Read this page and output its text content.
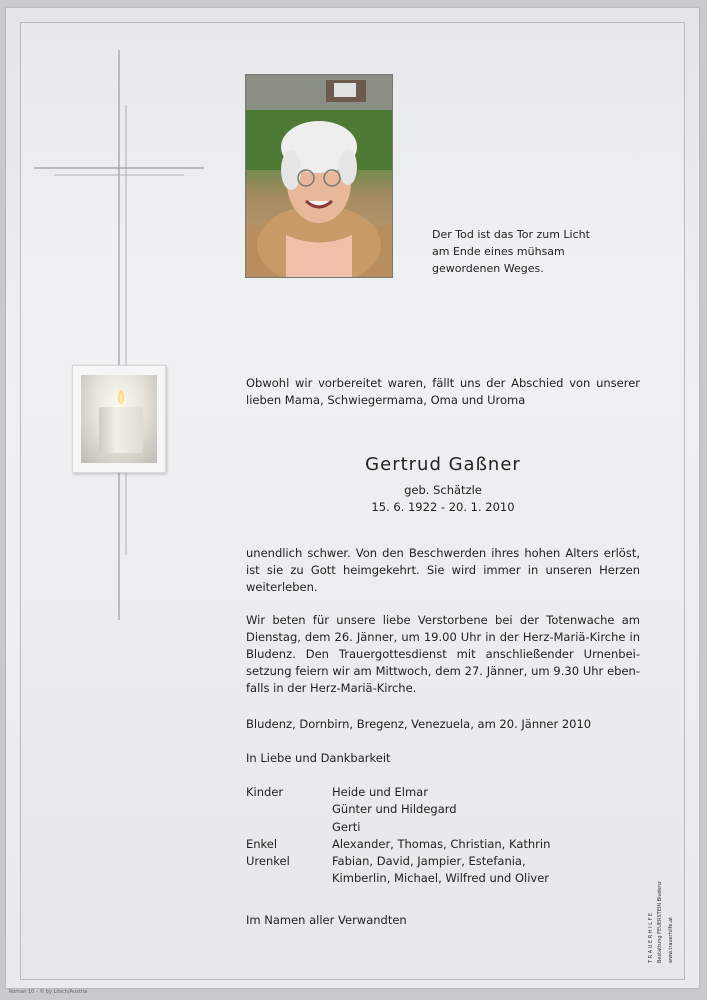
Der Tod ist das Tor zum Licht
am Ende eines mühsam
gewordenen Weges.
Obwohl wir vorbereitet waren, fällt uns der Abschied von unserer lieben Mama, Schwiegermama, Oma und Uroma
Gertrud Gaßner
geb. Schätzle
15. 6. 1922 - 20. 1. 2010
unendlich schwer. Von den Beschwerden ihres hohen Alters erlöst, ist sie zu Gott heimgekehrt. Sie wird immer in unseren Herzen weiterleben.
Wir beten für unsere liebe Verstorbene bei der Totenwache am Dienstag, dem 26. Jänner, um 19.00 Uhr in der Herz-Mariä-Kirche in Bludenz. Den Trauergottesdienst mit anschließender Urnenbei-setzung feiern wir am Mittwoch, dem 27. Jänner, um 9.30 Uhr eben-falls in der Herz-Mariä-Kirche.
Bludenz, Dornbirn, Bregenz, Venezuela, am 20. Jänner 2010
In Liebe und Dankbarkeit
Kinder	Heide und Elmar
Günter und Hildegard
Gerti
Enkel	Alexander, Thomas, Christian, Kathrin
Urenkel	Fabian, David, Jampier, Estefania,
Kimberlin, Michael, Wilfred und Oliver
Im Namen aller Verwandten	T R A U E R H I L F E Bestattung FEUERSTEIN Bludenz www.trauerhilfe.at
Roman 10 - © by Lösch/Austria
